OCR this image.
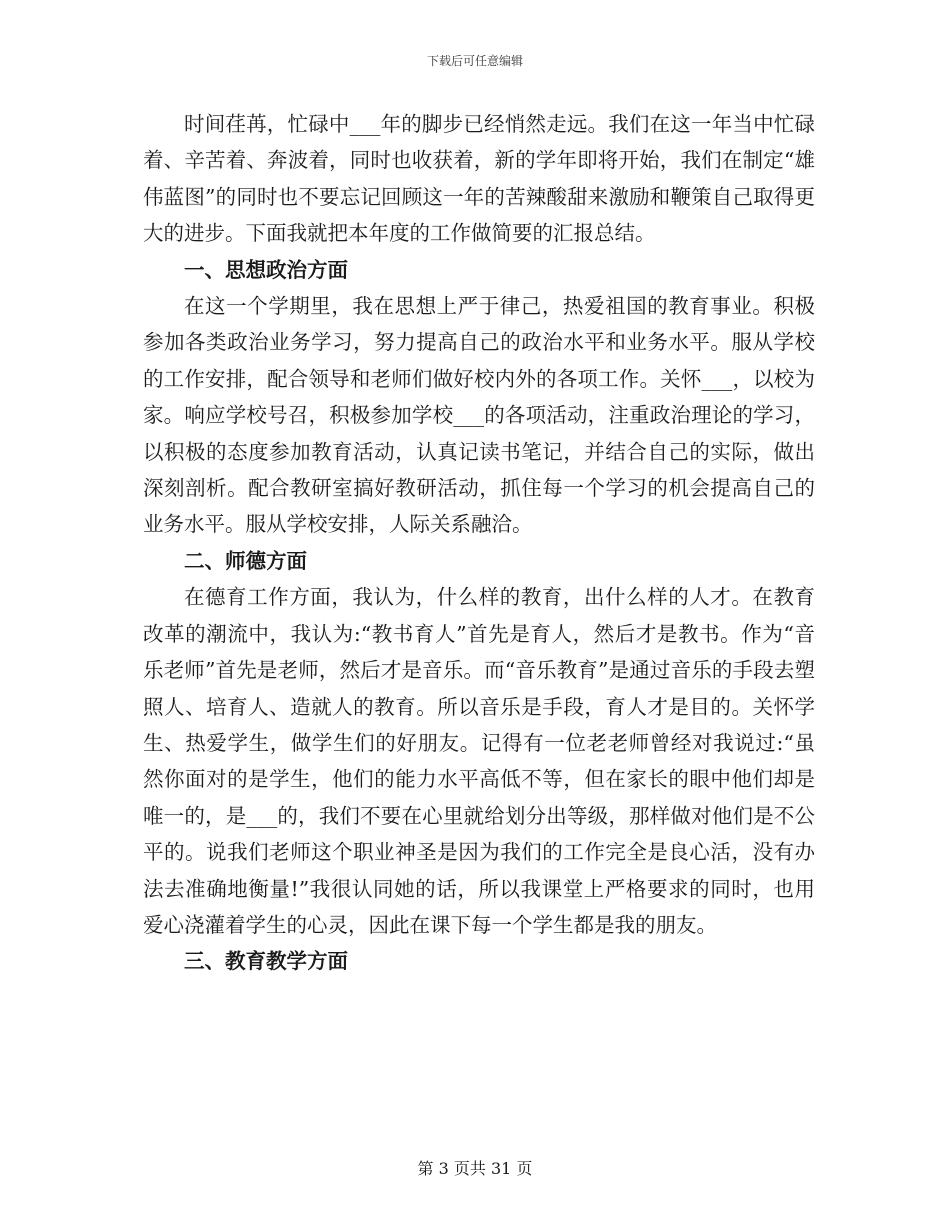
下载后可任意编辑

时间荏苒，忙碌中___年的脚步已经悄然走远。我们在这一年当中忙碌着、辛苦着、奔波着，同时也收获着，新的学年即将开始，我们在制定“雄伟蓝图”的同时也不要忘记回顾这一年的苦辣酸甜来激励和鞭策自己取得更大的进步。下面我就把本年度的工作做简要的汇报总结。

一、思想政治方面

在这一个学期里，我在思想上严于律己，热爱祖国的教育事业。积极参加各类政治业务学习，努力提高自己的政治水平和业务水平。服从学校的工作安排，配合领导和老师们做好校内外的各项工作。关怀___，以校为家。响应学校号召，积极参加学校___的各项活动，注重政治理论的学习，以积极的态度参加教育活动，认真记读书笔记，并结合自己的实际，做出深刻剖析。配合教研室搞好教研活动，抓住每一个学习的机会提高自己的业务水平。服从学校安排，人际关系融洽。

二、师德方面

在德育工作方面，我认为，什么样的教育，出什么样的人才。在教育改革的潮流中，我认为:“教书育人”首先是育人，然后才是教书。作为“音乐老师”首先是老师，然后才是音乐。而“音乐教育”是通过音乐的手段去塑照人、培育人、造就人的教育。所以音乐是手段，育人才是目的。关怀学生、热爱学生，做学生们的好朋友。记得有一位老老师曾经对我说过:“虽然你面对的是学生，他们的能力水平高低不等，但在家长的眼中他们却是唯一的，是___的，我们不要在心里就给划分出等级，那样做对他们是不公平的。说我们老师这个职业神圣是因为我们的工作完全是良心活，没有办法去准确地衡量!”我很认同她的话，所以我课堂上严格要求的同时，也用爱心浇灌着学生的心灵，因此在课下每一个学生都是我的朋友。

三、教育教学方面

第 3 页共 31 页
